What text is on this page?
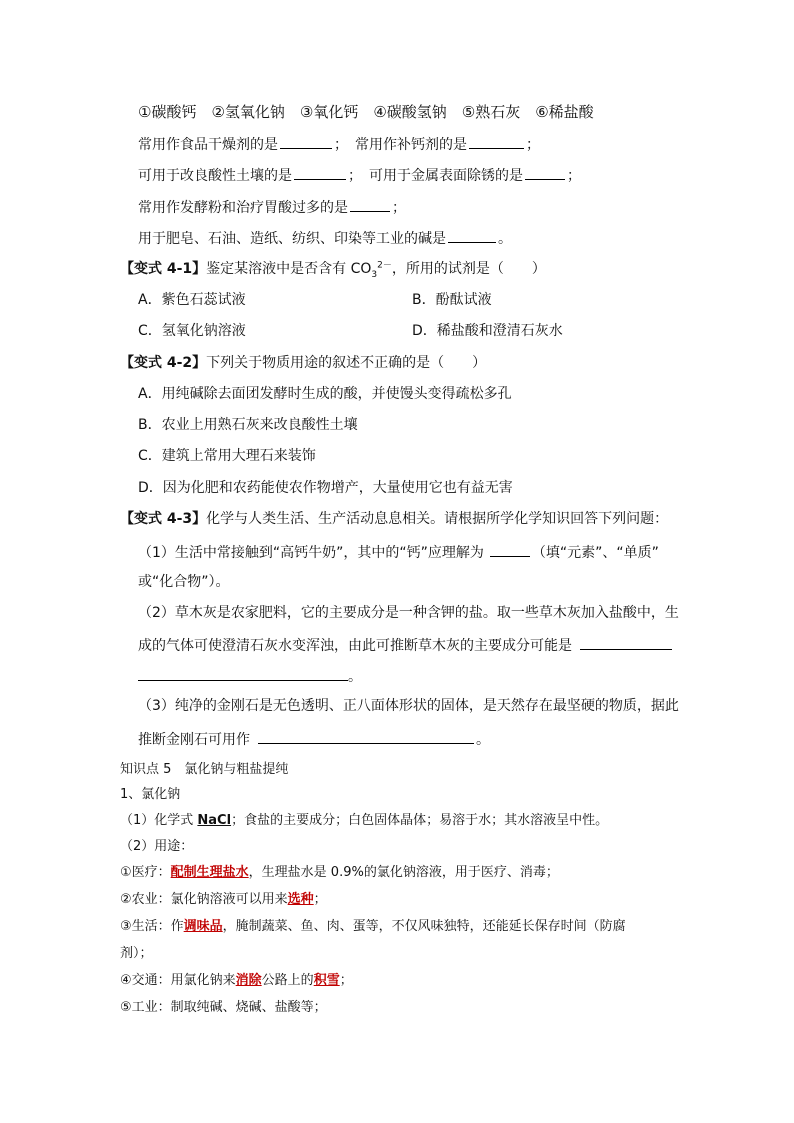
①碳酸钙　②氢氧化钠　③氧化钙　④碳酸氢钠　⑤熟石灰　⑥稀盐酸
常用作食品干燥剂的是	；　常用作补钙剂的是	；
可用于改良酸性土壤的是	；　可用于金属表面除锈的是	；
常用作发酵粉和治疗胃酸过多的是	；
用于肥皂、石油、造纸、纺织、印染等工业的碱是	。
【变式 4-1】鉴定某溶液中是否含有 $CO_3^{2-}$，所用的试剂是（　　）
A．紫色石蕊试液	B．酚酞试液
C．氢氧化钠溶液	D．稀盐酸和澄清石灰水
【变式 4-2】下列关于物质用途的叙述不正确的是（　　）
A．用纯碱除去面团发酵时生成的酸，并使馒头变得疏松多孔
B．农业上用熟石灰来改良酸性土壤
C．建筑上常用大理石来装饰
D．因为化肥和农药能使农作物增产，大量使用它也有益无害
【变式 4-3】化学与人类生活、生产活动息息相关。请根据所学化学知识回答下列问题：
（1）生活中常接触到“高钙牛奶”，其中的“钙”应理解为	（填“元素”、“单质”
或“化合物”）。
（2）草木灰是农家肥料，它的主要成分是一种含钾的盐。取一些草木灰加入盐酸中，生
成的气体可使澄清石灰水变浑浊，由此可推断草木灰的主要成分可能是
。
（3）纯净的金刚石是无色透明、正八面体形状的固体，是天然存在最坚硬的物质，据此
推断金刚石可用作	。
知识点 5　氯化钠与粗盐提纯
1、氯化钠
（1）化学式 NaCl；食盐的主要成分；白色固体晶体；易溶于水；其水溶液呈中性。
（2）用途：
①医疗：配制生理盐水，生理盐水是 0.9%的氯化钠溶液，用于医疗、消毒；
②农业：氯化钠溶液可以用来选种；
③生活：作调味品，腌制蔬菜、鱼、肉、蛋等，不仅风味独特，还能延长保存时间（防腐
剂）；
④交通：用氯化钠来消除公路上的积雪；
⑤工业：制取纯碱、烧碱、盐酸等；
